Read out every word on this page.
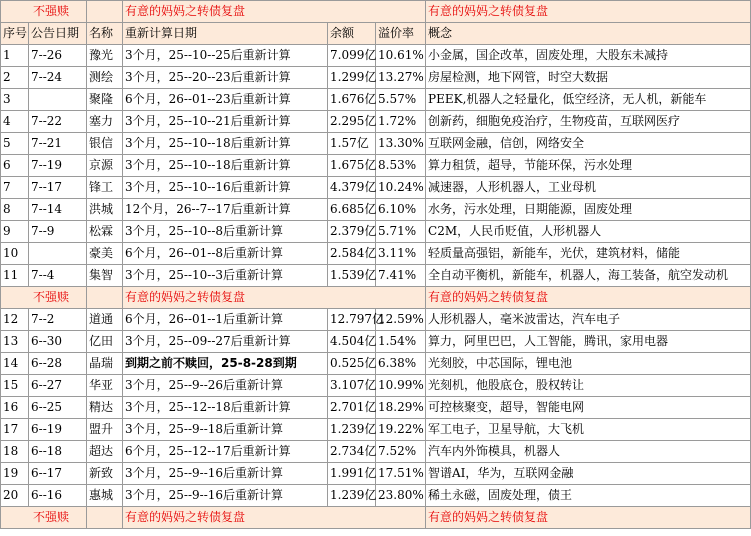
不强赎			有意的妈妈之转债复盘			有意的妈妈之转债复盘
序号	公告日期	名称	重新计算日期	余额	溢价率	概念
1	7--26	豫光	3个月，25--10--25后重新计算	7.099亿	10.61%	小金属，国企改革，固废处理，大股东未减持
2	7--24	测绘	3个月，25--20--23后重新计算	1.299亿	13.27%	房屋检测，地下网管，时空大数据
3		聚隆	6个月，26--01--23后重新计算	1.676亿	5.57%	PEEK,机器人之轻量化，低空经济，无人机，新能车
4	7--22	塞力	3个月，25--10--21后重新计算	2.295亿	1.72%	创新药，细胞免疫治疗，生物疫苗，互联网医疗
5	7--21	银信	3个月，25--10--18后重新计算	1.57亿	13.30%	互联网金融，信创，网络安全
6	7--19	京源	3个月，25--10--18后重新计算	1.675亿	8.53%	算力租赁，超导，节能环保，污水处理
7	7--17	锋工	3个月，25--10--16后重新计算	4.379亿	10.24%	减速器，人形机器人，工业母机
8	7--14	洪城	12个月，26--7--17后重新计算	6.685亿	6.10%	水务，污水处理，日期能源，固废处理
9	7--9	松霖	3个月，25--10--8后重新计算	2.379亿	5.71%	C2M，人民币贬值，人形机器人
10		豪美	6个月，26--01--8后重新计算	2.584亿	3.11%	轻质量高强铝，新能车，光伏，建筑材料，储能
11	7--4	集智	3个月，25--10--3后重新计算	1.539亿	7.41%	全自动平衡机，新能车，机器人，海工装备，航空发动机
不强赎			有意的妈妈之转债复盘			有意的妈妈之转债复盘
12	7--2	道通	6个月，26--01--1后重新计算	12.797亿	12.59%	人形机器人，毫米波雷达，汽车电子
13	6--30	亿田	3个月，25--09--27后重新计算	4.504亿	1.54%	算力，阿里巴巴，人工智能，腾讯，家用电器
14	6--28	晶瑞	到期之前不赎回，25-8-28到期	0.525亿	6.38%	光刻胶，中芯国际，锂电池
15	6--27	华亚	3个月，25--9--26后重新计算	3.107亿	10.99%	光刻机，他股底仓，股权转让
16	6--25	精达	3个月，25--12--18后重新计算	2.701亿	18.29%	可控核聚变，超导，智能电网
17	6--19	盟升	3个月，25--9--18后重新计算	1.239亿	19.22%	军工电子，卫星导航，大飞机
18	6--18	超达	6个月，25--12--17后重新计算	2.734亿	7.52%	汽车内外饰模具，机器人
19	6--17	新致	3个月，25--9--16后重新计算	1.991亿	17.51%	智谱AI，华为，互联网金融
20	6--16	惠城	3个月，25--9--16后重新计算	1.239亿	23.80%	稀土永磁，固废处理，债王
不强赎			有意的妈妈之转债复盘			有意的妈妈之转债复盘
